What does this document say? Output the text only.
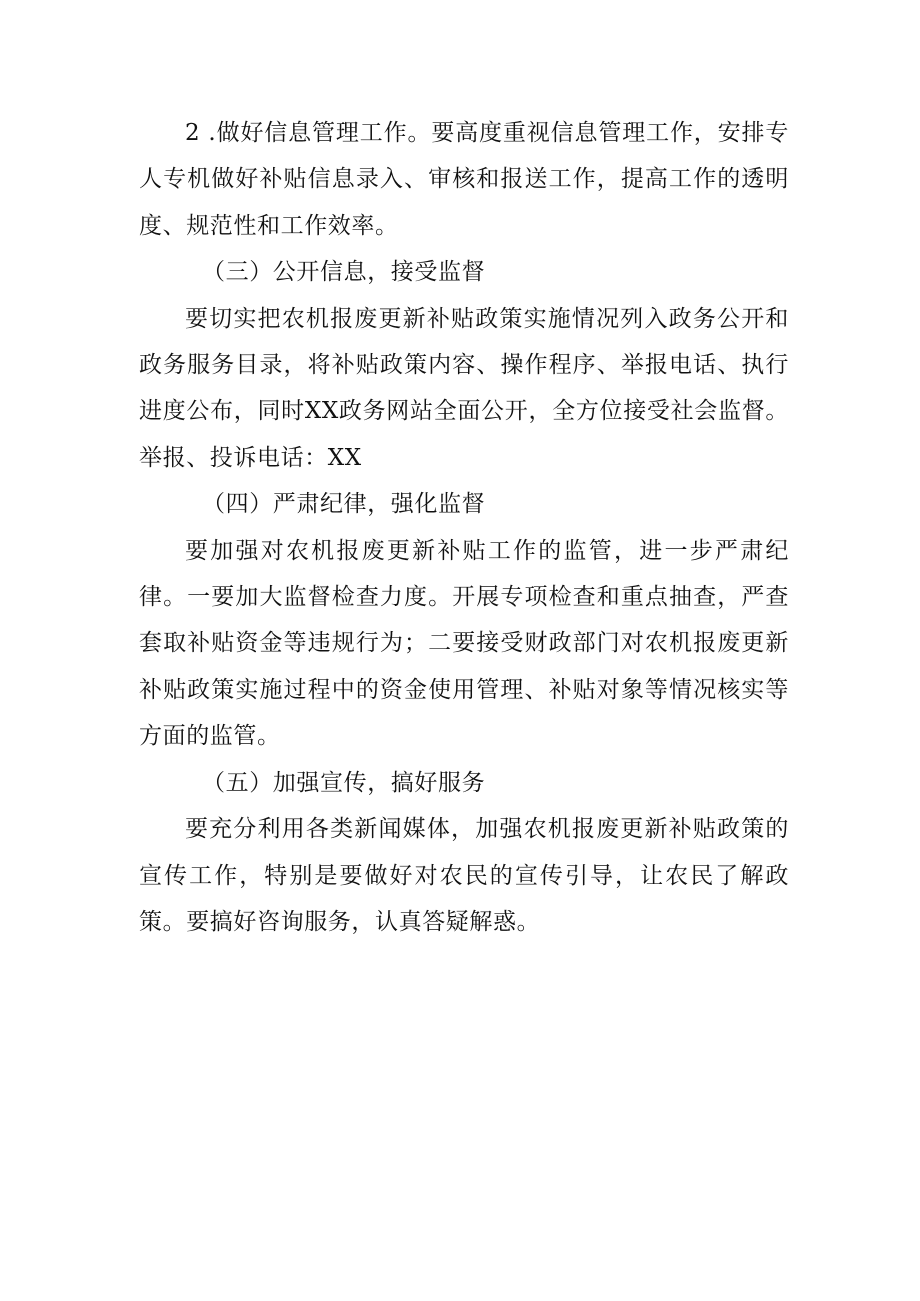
2 .做好信息管理工作。要高度重视信息管理工作，安排专人专机做好补贴信息录入、审核和报送工作，提高工作的透明度、规范性和工作效率。

（三）公开信息，接受监督

要切实把农机报废更新补贴政策实施情况列入政务公开和政务服务目录，将补贴政策内容、操作程序、举报电话、执行进度公布，同时XX政务网站全面公开，全方位接受社会监督。举报、投诉电话：XX

（四）严肃纪律，强化监督

要加强对农机报废更新补贴工作的监管，进一步严肃纪律。一要加大监督检查力度。开展专项检查和重点抽查，严查套取补贴资金等违规行为；二要接受财政部门对农机报废更新补贴政策实施过程中的资金使用管理、补贴对象等情况核实等方面的监管。

（五）加强宣传，搞好服务

要充分利用各类新闻媒体，加强农机报废更新补贴政策的宣传工作，特别是要做好对农民的宣传引导，让农民了解政策。要搞好咨询服务，认真答疑解惑。
